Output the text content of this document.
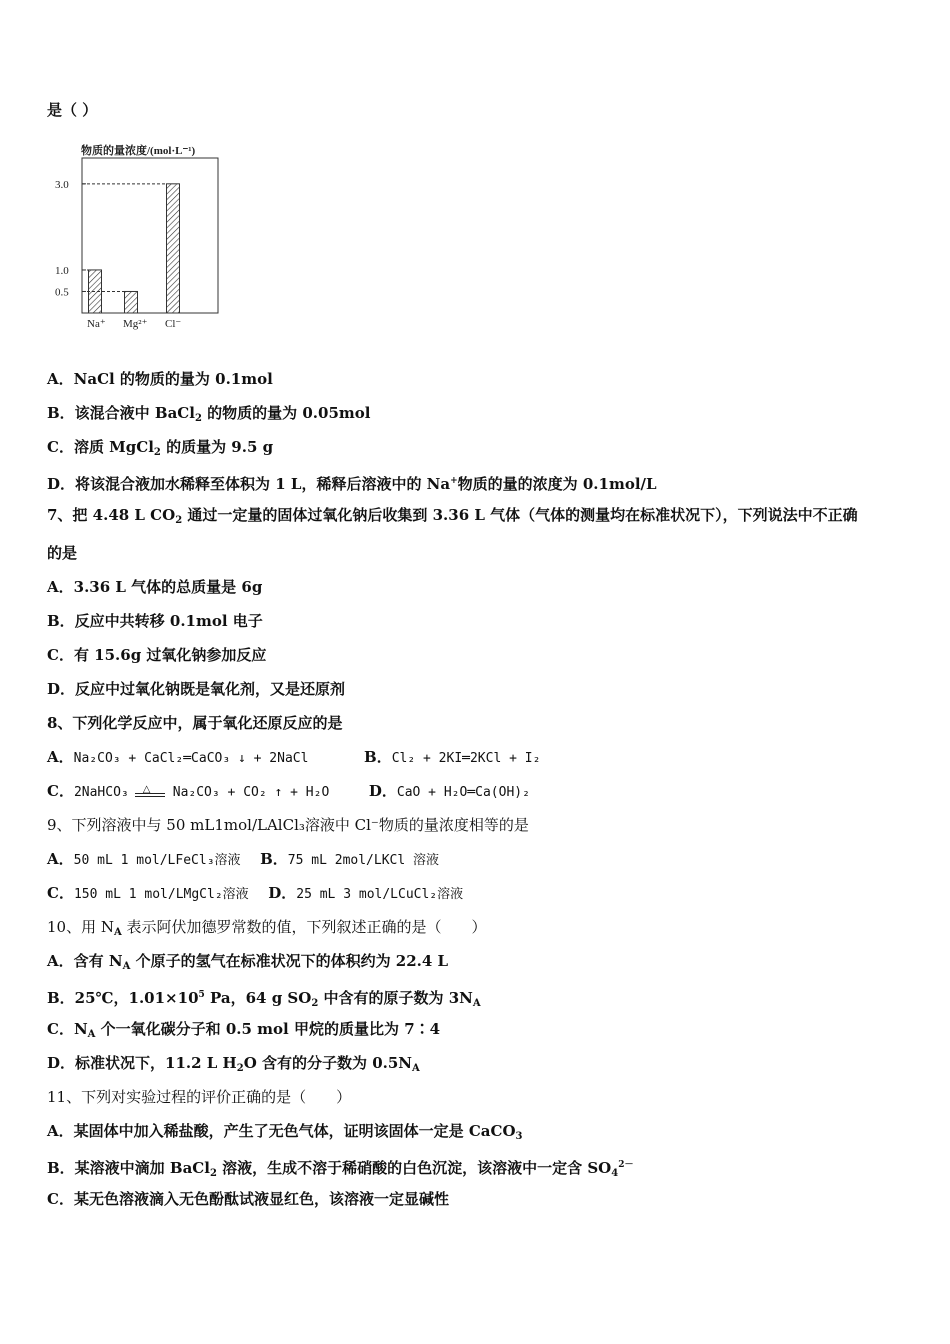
是（ ）
物质的量浓度/(mol·L⁻¹)
0.5
1.0
3.0
Na⁺ Mg²⁺ Cl⁻
A．NaCl 的物质的量为 0.1mol
B．该混合液中 BaCl$_2$ 的物质的量为 0.05mol
C．溶质 MgCl$_2$ 的质量为 9.5 g
D．将该混合液加水稀释至体积为 1 L，稀释后溶液中的 Na+物质的量的浓度为 0.1mol/L
7、把 4.48 L $CO_2$ 通过一定量的固体过氧化钠后收集到 3.36 L 气体（气体的测量均在标准状况下），下列说法中不正确
的是
A．3.36 L 气体的总质量是 6g
B．反应中共转移 0.1mol 电子
C．有 15.6g 过氧化钠参加反应
D．反应中过氧化钠既是氧化剂，又是还原剂
8、下列化学反应中，属于氧化还原反应的是
A．Na₂CO₃ + CaCl₂═CaCO₃ ↓ + 2NaCl	B．Cl₂ + 2KI═2KCl + I₂
C．2NaHCO₃ △ Na₂CO₃ + CO₂ ↑ + H₂O	D．CaO + H₂O═Ca(OH)₂
9、下列溶液中与 50 mL1mol/LAlCl₃溶液中 Cl⁻物质的量浓度相等的是
A．50 mL 1 mol/LFeCl₃溶液 B．75 mL 2mol/LKCl 溶液
C．150 mL 1 mol/LMgCl₂溶液 D．25 mL 3 mol/LCuCl₂溶液
10、用 $N_A$ 表示阿伏加德罗常数的值，下列叙述正确的是（　　）
A．含有 $N_A$ 个原子的氢气在标准状况下的体积约为 22.4 L
B．25℃，$1.01\times 10^5$ Pa，64 g $SO_2$ 中含有的原子数为 $3N_A$
C．$N_A$ 个一氧化碳分子和 0.5 mol 甲烷的质量比为 7∶4
D．标准状况下，11.2 L $H_2O$ 含有的分子数为 $0.5N_A$
11、下列对实验过程的评价正确的是（　　）
A．某固体中加入稀盐酸，产生了无色气体，证明该固体一定是 CaCO$_3$
B．某溶液中滴加 BaCl$_2$ 溶液，生成不溶于稀硝酸的白色沉淀，该溶液中一定含 $SO_4^{2-}$
C．某无色溶液滴入无色酚酞试液显红色，该溶液一定显碱性
